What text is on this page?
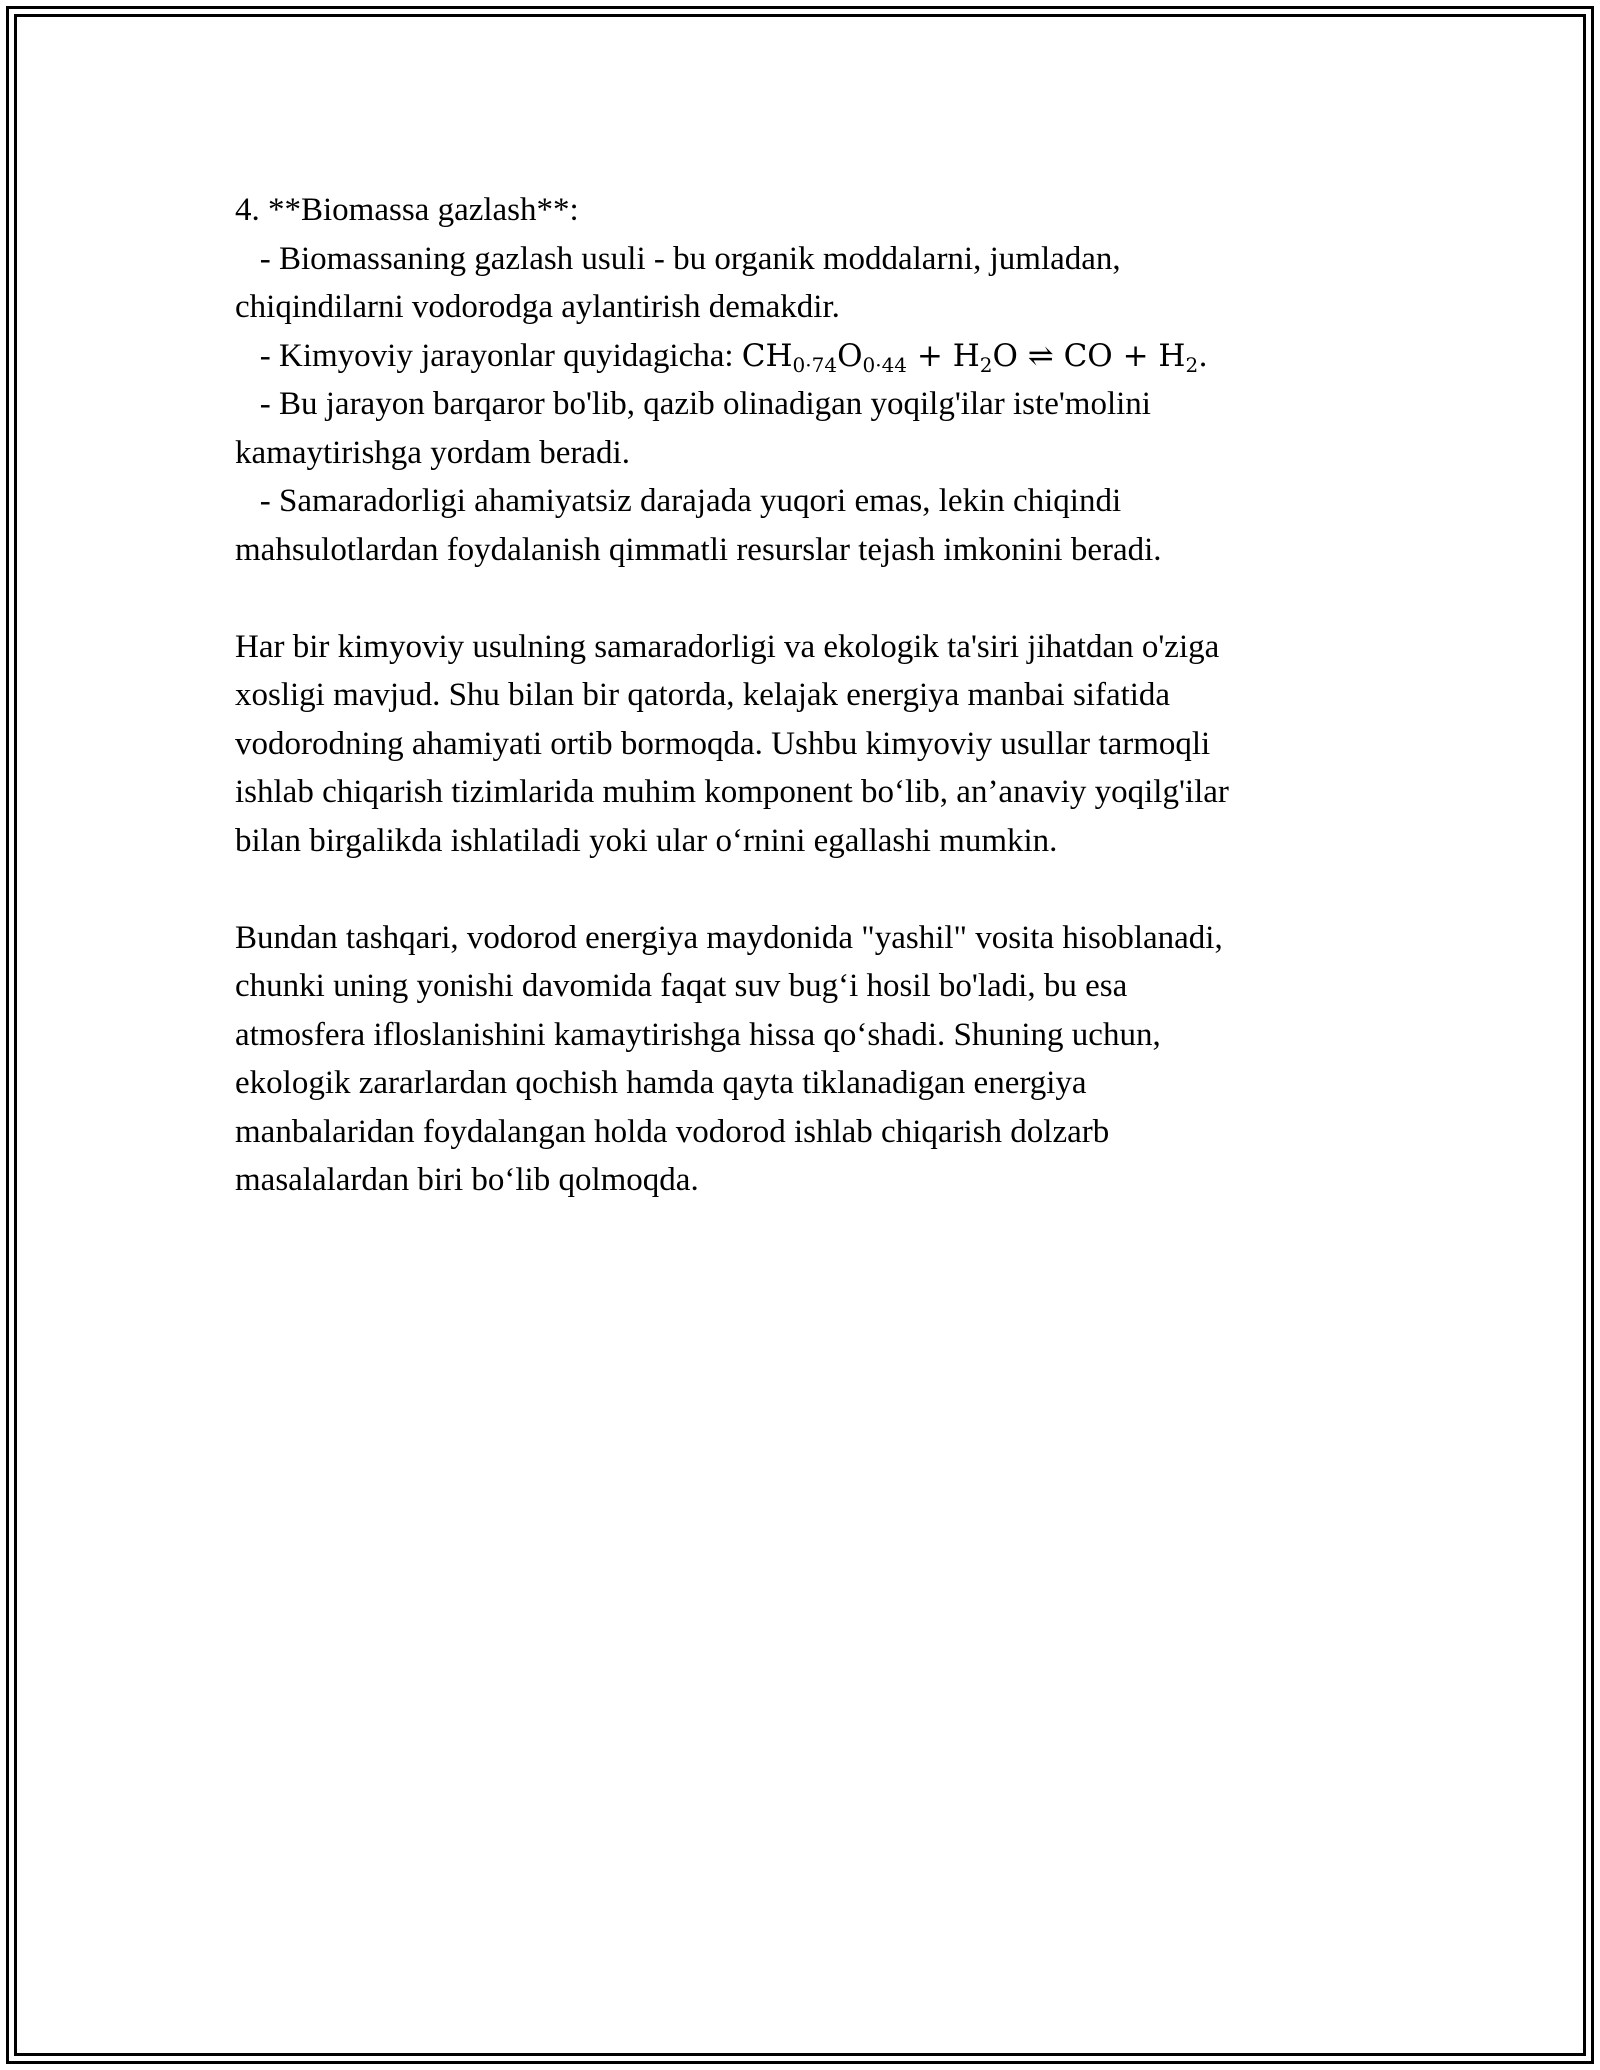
4. **Biomassa gazlash**:
- Biomassaning gazlash usuli - bu organik moddalarni, jumladan,
chiqindilarni vodorodga aylantirish demakdir.
- Kimyoviy jarayonlar quyidagicha: $CH_{0\cdot 74}O_{0\cdot 44} + H_2O$ ⇌ CO + $H_2$.
- Bu jarayon barqaror bo'lib, qazib olinadigan yoqilg'ilar iste'molini
kamaytirishga yordam beradi.
- Samaradorligi ahamiyatsiz darajada yuqori emas, lekin chiqindi
mahsulotlardan foydalanish qimmatli resurslar tejash imkonini beradi.
Har bir kimyoviy usulning samaradorligi va ekologik ta'siri jihatdan o'ziga
xosligi mavjud. Shu bilan bir qatorda, kelajak energiya manbai sifatida
vodorodning ahamiyati ortib bormoqda. Ushbu kimyoviy usullar tarmoqli
ishlab chiqarish tizimlarida muhim komponent bo‘lib, an’anaviy yoqilg'ilar
bilan birgalikda ishlatiladi yoki ular o‘rnini egallashi mumkin.
Bundan tashqari, vodorod energiya maydonida "yashil" vosita hisoblanadi,
chunki uning yonishi davomida faqat suv bug‘i hosil bo'ladi, bu esa
atmosfera ifloslanishini kamaytirishga hissa qo‘shadi. Shuning uchun,
ekologik zararlardan qochish hamda qayta tiklanadigan energiya
manbalaridan foydalangan holda vodorod ishlab chiqarish dolzarb
masalalardan biri bo‘lib qolmoqda.
